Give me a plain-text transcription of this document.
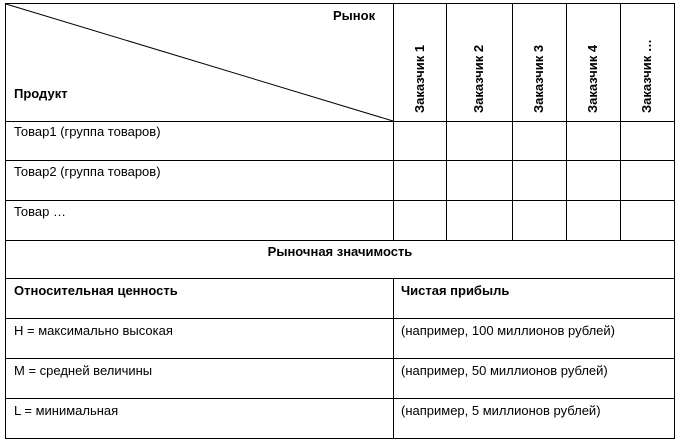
Рынок
Продукт	Заказчик 1	Заказчик 2	Заказчик 3	Заказчик 4	Заказчик …
Товар1 (группа товаров)
Товар2 (группа товаров)
Товар …
Рыночная значимость
Относительная ценность	Чистая прибыль
H = максимально высокая	(например, 100 миллионов рублей)
M = средней величины	(например, 50 миллионов рублей)
L = минимальная	(например, 5 миллионов рублей)
